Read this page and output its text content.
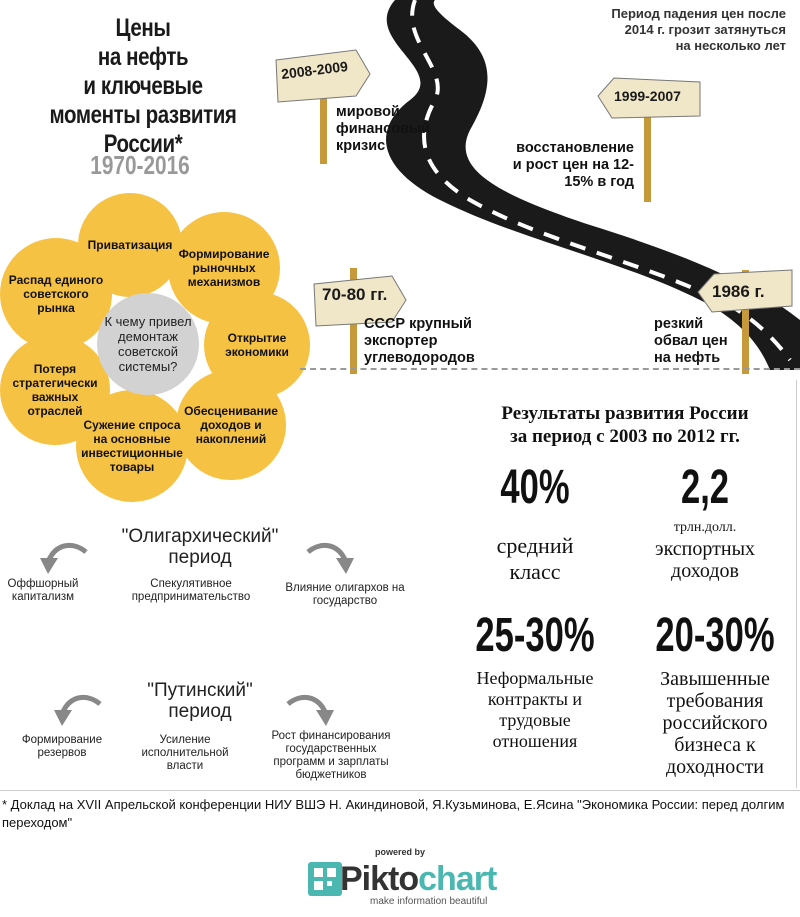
Цены
на нефть
и ключевые
моменты развития
России*
1970-2016
Приватизация
Формирование рыночных механизмов
Распад единого советского рынка
Открытие экономики
Потеря стратегически важных отраслей	Обесценивание доходов и накоплений
Сужение спроса на основные инвестиционные товары
К чему привел демонтаж советской системы?
Период падения цен после
2014 г. грозит затянуться
на несколько лет
2008-2009
1999-2007
70-80 гг.	1986 г.
мировой
финансовый
кризис	восстановление
и рост цен на 12-
15% в год
СССР крупный
экспортер
углеводородов
резкий
обвал цен
на нефть
Результаты развития России
за период с 2003 по 2012 гг.
40%
средний
класс
2,2
трлн.долл.
экспортных
доходов
25-30%
Неформальные
контракты и
трудовые
отношения
20-30%
Завышенные
требования
российского
бизнеса к
доходности
"Олигархический"
период
Оффшорный
капитализм
Спекулятивное
предпринимательство
Влияние олигархов на
государство
"Путинский"
период
Формирование
резервов
Усиление
исполнительной
власти
Рост финансирования
государственных
программ и зарплаты
бюджетников
* Доклад на XVII Апрельской конференции НИУ ВШЭ Н. Акиндиновой, Я.Кузьминова, Е.Ясина "Экономика России: перед долгим переходом"
powered by
Piktochart
make information beautiful
